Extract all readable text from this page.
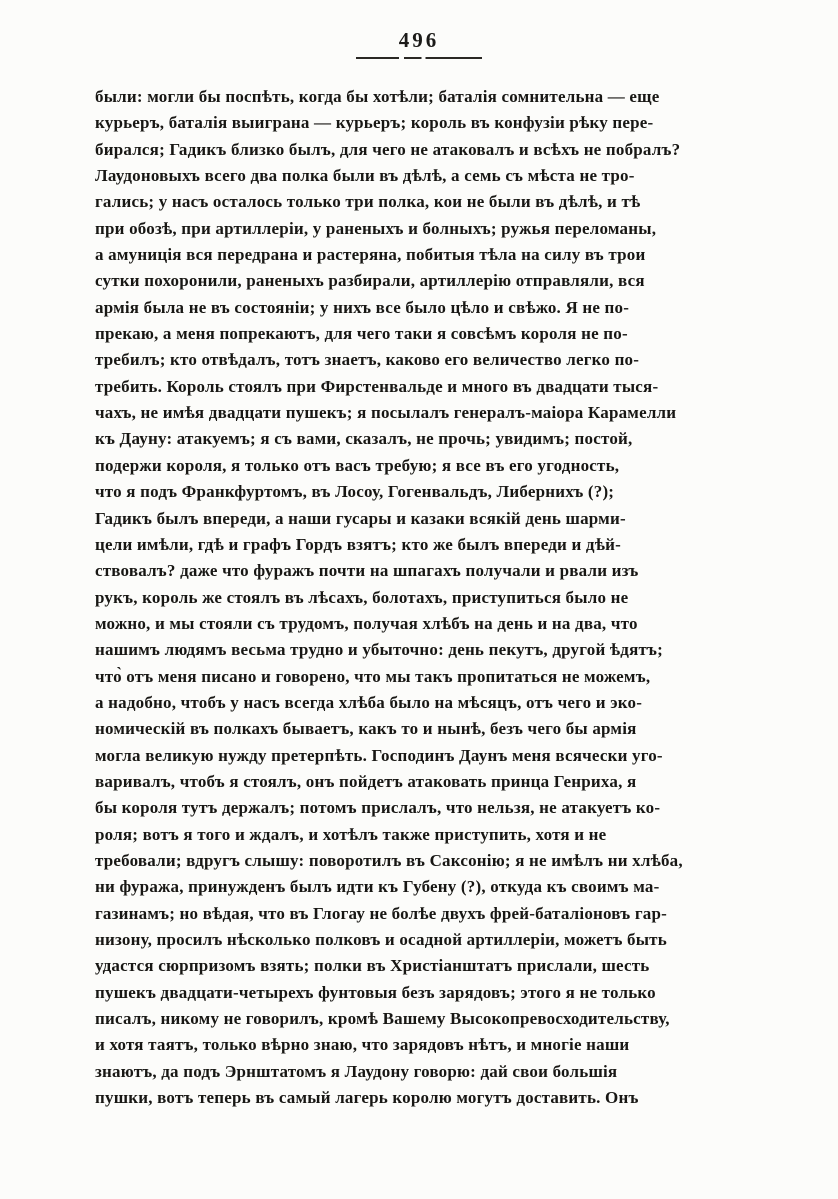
496
были: могли бы поспѣть, когда бы хотѣли; баталія сомнительна — еще
курьеръ, баталія выиграна — курьеръ; король въ конфузіи рѣку пере-
бирался; Гадикъ близко былъ, для чего не атаковалъ и всѣхъ не побралъ?
Лаудоновыхъ всего два полка были въ дѣлѣ, а семь съ мѣста не тро-
гались; у насъ осталось только три полка, кои не были въ дѣлѣ, и тѣ
при обозѣ, при артиллеріи, у раненыхъ и болныхъ; ружья переломаны,
а амуниція вся передрана и растеряна, побитыя тѣла на силу въ трои
сутки похоронили, раненыхъ разбирали, артиллерію отправляли, вся
армія была не въ состояніи; у нихъ все было цѣло и свѣжо. Я не по-
прекаю, а меня попрекаютъ, для чего таки я совсѣмъ короля не по-
требилъ; кто отвѣдалъ, тотъ знаетъ, каково его величество легко по-
требить. Король стоялъ при Фирстенвальде и много въ двадцати тыся-
чахъ, не имѣя двадцати пушекъ; я посылалъ генералъ-маіора Карамелли
къ Дауну: атакуемъ; я съ вами, сказалъ, не прочь; увидимъ; постой,
подержи короля, я только отъ васъ требую; я все въ его угодность,
что я подъ Франкфуртомъ, въ Лосоу, Гогенвальдъ, Либернихъ (?);
Гадикъ былъ впереди, а наши гусары и казаки всякій день шарми-
цели имѣли, гдѣ и графъ Гордъ взятъ; кто же былъ впереди и дѣй-
ствовалъ? даже что фуражъ почти на шпагахъ получали и рвали изъ
рукъ, король же стоялъ въ лѣсахъ, болотахъ, приступиться было не
можно, и мы стояли съ трудомъ, получая хлѣбъ на день и на два, что
нашимъ людямъ весьма трудно и убыточно: день пекутъ, другой ѣдятъ;
что̀ отъ меня писано и говорено, что мы такъ пропитаться не можемъ,
а надобно, чтобъ у насъ всегда хлѣба было на мѣсяцъ, отъ чего и эко-
номическій въ полкахъ бываетъ, какъ то и нынѣ, безъ чего бы армія
могла великую нужду претерпѣть. Господинъ Даунъ меня всячески уго-
варивалъ, чтобъ я стоялъ, онъ пойдетъ атаковать принца Генриха, я
бы короля тутъ держалъ; потомъ прислалъ, что нельзя, не атакуетъ ко-
роля; вотъ я того и ждалъ, и хотѣлъ также приступить, хотя и не
требовали; вдругъ слышу: поворотилъ въ Саксонію; я не имѣлъ ни хлѣба,
ни фуража, принужденъ былъ идти къ Губену (?), откуда къ своимъ ма-
газинамъ; но вѣдая, что въ Глогау не болѣе двухъ фрей-баталіоновъ гар-
низону, просилъ нѣсколько полковъ и осадной артиллеріи, можетъ быть
удастся сюрпризомъ взять; полки въ Христіанштатъ прислали, шесть
пушекъ двадцати-четырехъ фунтовыя безъ зарядовъ; этого я не только
писалъ, никому не говорилъ, кромѣ Вашему Высокопревосходительству,
и хотя таятъ, только вѣрно знаю, что зарядовъ нѣтъ, и многіе наши
знаютъ, да подъ Эрнштатомъ я Лаудону говорю: дай свои большія
пушки, вотъ теперь въ самый лагерь королю могутъ доставить. Онъ
